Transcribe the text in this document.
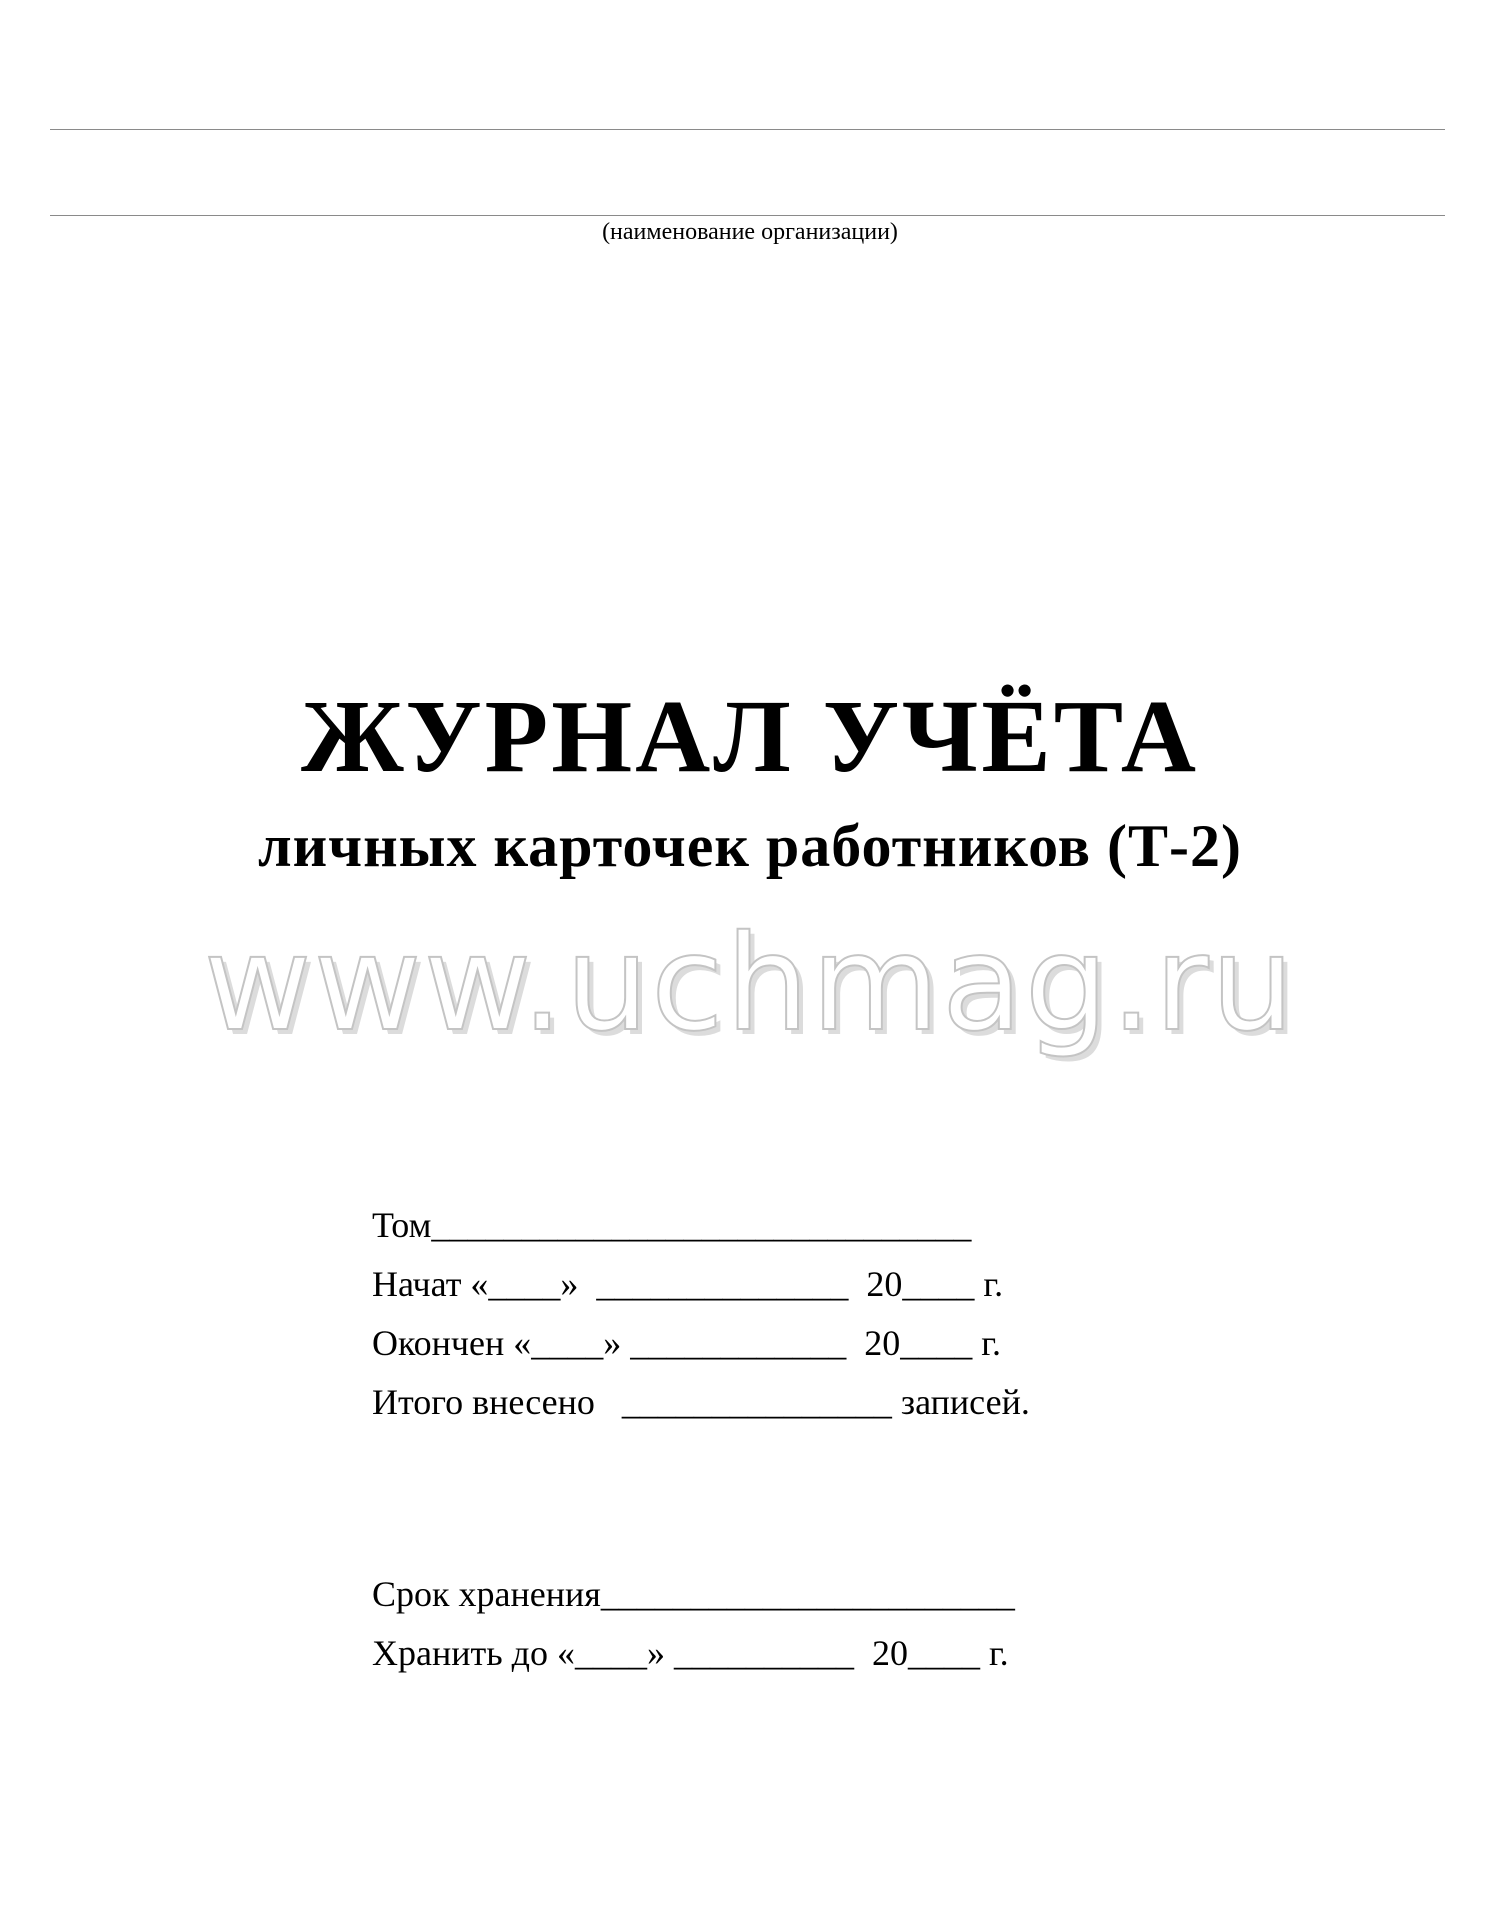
(наименование организации)
ЖУРНАЛ УЧЁТА
личных карточек работников (Т-2)
www.uchmag.ru
Том______________________________
Начат «____»  ______________  20____ г.
Окончен «____» ____________  20____ г.
Итого внесено   _______________ записей.
Срок хранения_______________________
Хранить до «____» __________  20____ г.
